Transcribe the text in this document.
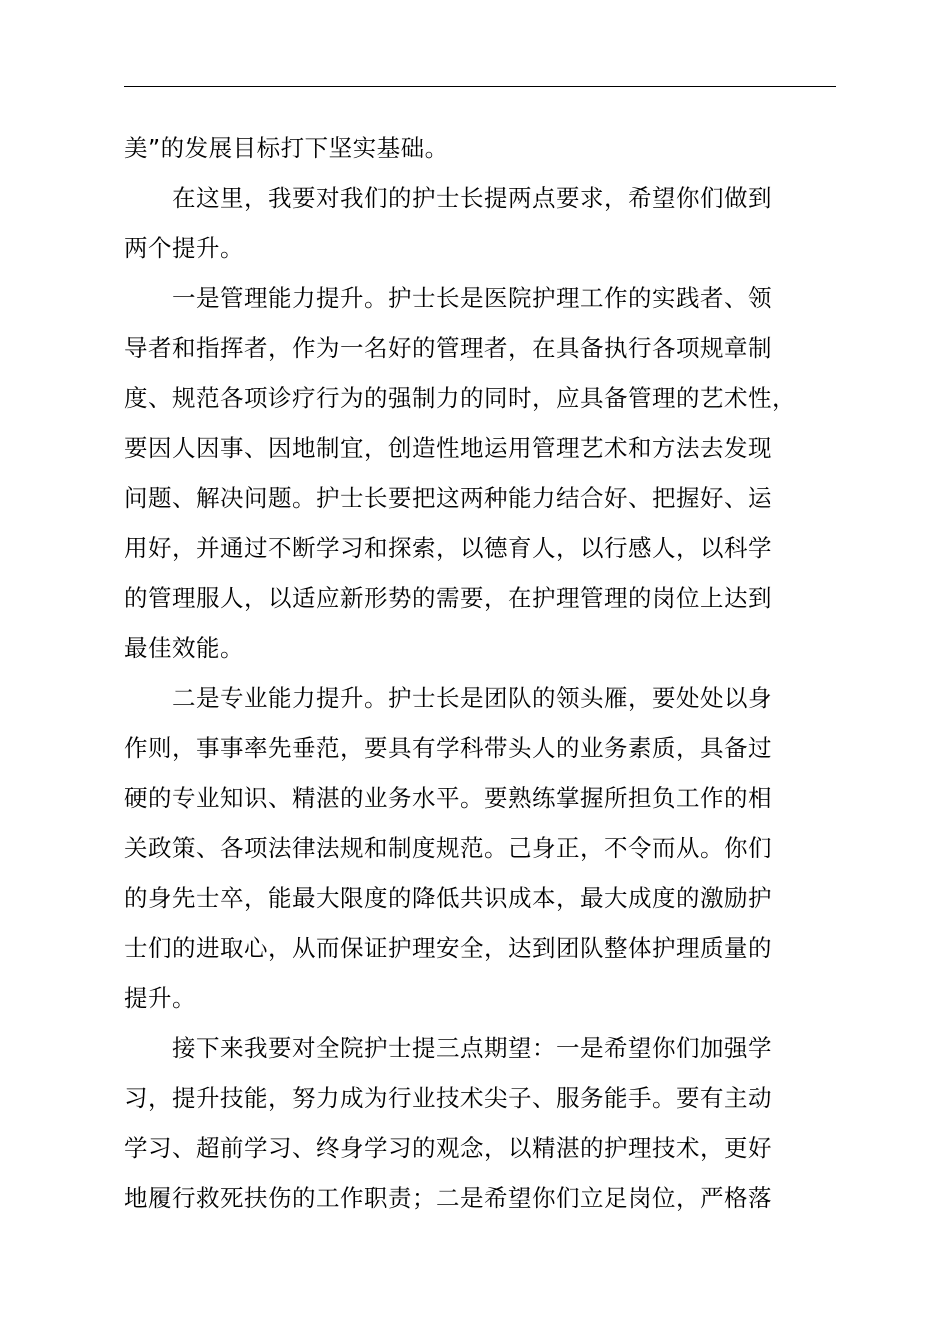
美”的发展目标打下坚实基础。
在这里，我要对我们的护士长提两点要求，希望你们做到
两个提升。
一是管理能力提升。护士长是医院护理工作的实践者、领
导者和指挥者，作为一名好的管理者，在具备执行各项规章制
度、规范各项诊疗行为的强制力的同时，应具备管理的艺术性，
要因人因事、因地制宜，创造性地运用管理艺术和方法去发现
问题、解决问题。护士长要把这两种能力结合好、把握好、运
用好，并通过不断学习和探索，以德育人，以行感人，以科学
的管理服人，以适应新形势的需要，在护理管理的岗位上达到
最佳效能。
二是专业能力提升。护士长是团队的领头雁，要处处以身
作则，事事率先垂范，要具有学科带头人的业务素质，具备过
硬的专业知识、精湛的业务水平。要熟练掌握所担负工作的相
关政策、各项法律法规和制度规范。己身正，不令而从。你们
的身先士卒，能最大限度的降低共识成本，最大成度的激励护
士们的进取心，从而保证护理安全，达到团队整体护理质量的
提升。
接下来我要对全院护士提三点期望：一是希望你们加强学
习，提升技能，努力成为行业技术尖子、服务能手。要有主动
学习、超前学习、终身学习的观念，以精湛的护理技术，更好
地履行救死扶伤的工作职责；二是希望你们立足岗位，严格落
